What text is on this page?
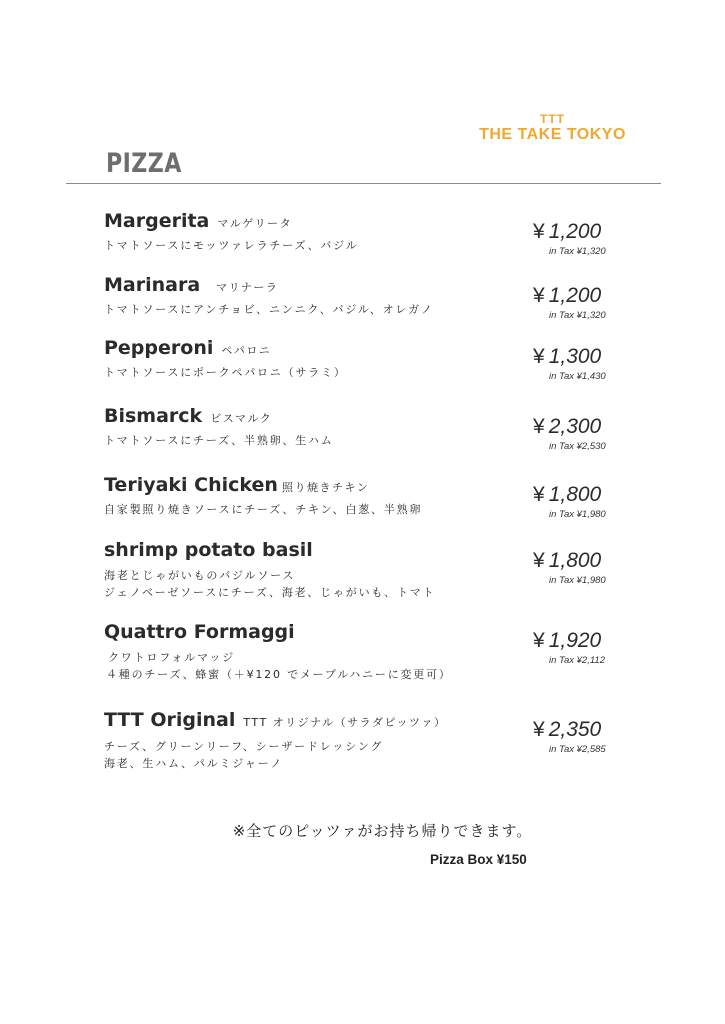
TTT
THE TAKE TOKYO
PIZZA
Margerita マルゲリータ
トマトソースにモッツァレラチーズ、バジル
¥ 1,200
in Tax ¥1,320
Marinara マリナーラ
トマトソースにアンチョビ、ニンニク、バジル、オレガノ
¥ 1,200
in Tax ¥1,320
Pepperoni ペパロニ
トマトソースにポークペパロニ（サラミ）
¥ 1,300
in Tax ¥1,430
Bismarck ビスマルク
トマトソースにチーズ、半熟卵、生ハム
¥ 2,300
in Tax ¥2,530
Teriyaki Chicken 照り焼きチキン
自家製照り焼きソースにチーズ、チキン、白葱、半熟卵
¥ 1,800
in Tax ¥1,980
shrimp potato basil
海老とじゃがいものバジルソース
ジェノベーゼソースにチーズ、海老、じゃがいも、トマト
¥ 1,800
in Tax ¥1,980
Quattro Formaggi
クワトロフォルマッジ
４種のチーズ、蜂蜜（＋¥120 でメープルハニーに変更可）
¥ 1,920
in Tax ¥2,112
TTT Original TTT オリジナル（サラダピッツァ）
チーズ、グリーンリーフ、シーザードレッシング
海老、生ハム、パルミジャーノ
¥ 2,350
in Tax ¥2,585
※全てのピッツァがお持ち帰りできます。
Pizza Box ¥150
